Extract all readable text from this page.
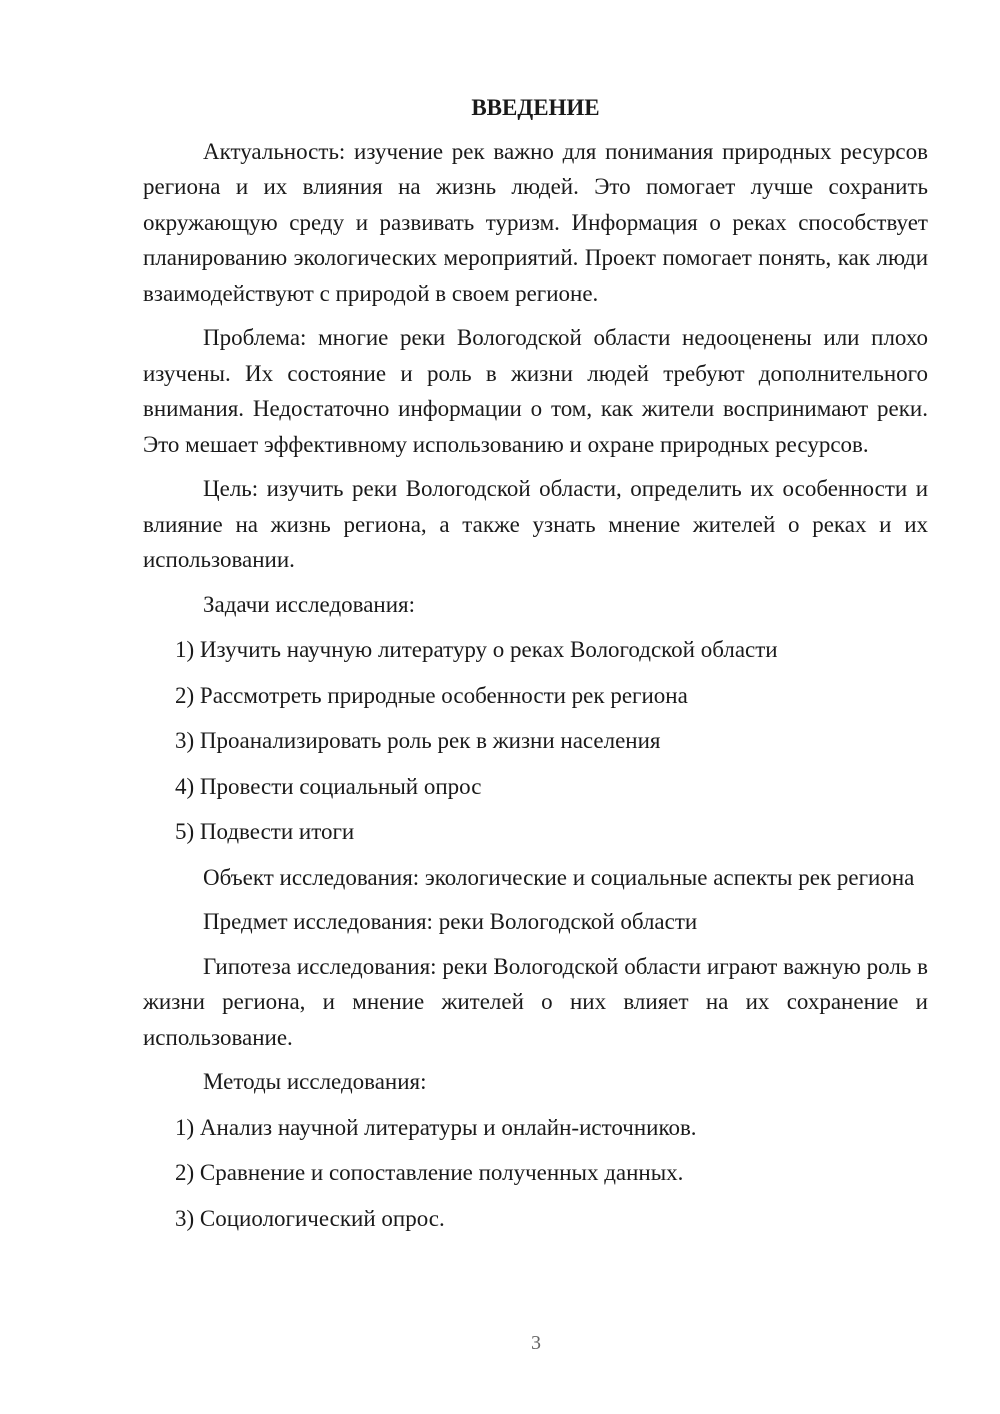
ВВЕДЕНИЕ

Актуальность: изучение рек важно для понимания природных ресурсов региона и их влияния на жизнь людей. Это помогает лучше сохранить окружающую среду и развивать туризм. Информация о реках способствует планированию экологических мероприятий. Проект помогает понять, как люди взаимодействуют с природой в своем регионе.

Проблема: многие реки Вологодской области недооценены или плохо изучены. Их состояние и роль в жизни людей требуют дополнительного внимания. Недостаточно информации о том, как жители воспринимают реки. Это мешает эффективному использованию и охране природных ресурсов.

Цель: изучить реки Вологодской области, определить их особенности и влияние на жизнь региона, а также узнать мнение жителей о реках и их использовании.

Задачи исследования:

1) Изучить научную литературу о реках Вологодской области
2) Рассмотреть природные особенности рек региона
3) Проанализировать роль рек в жизни населения
4) Провести социальный опрос
5) Подвести итоги

Объект исследования: экологические и социальные аспекты рек региона

Предмет исследования: реки Вологодской области

Гипотеза исследования: реки Вологодской области играют важную роль в жизни региона, и мнение жителей о них влияет на их сохранение и использование.

Методы исследования:

1) Анализ научной литературы и онлайн-источников.
2) Сравнение и сопоставление полученных данных.
3) Социологический опрос.
3
